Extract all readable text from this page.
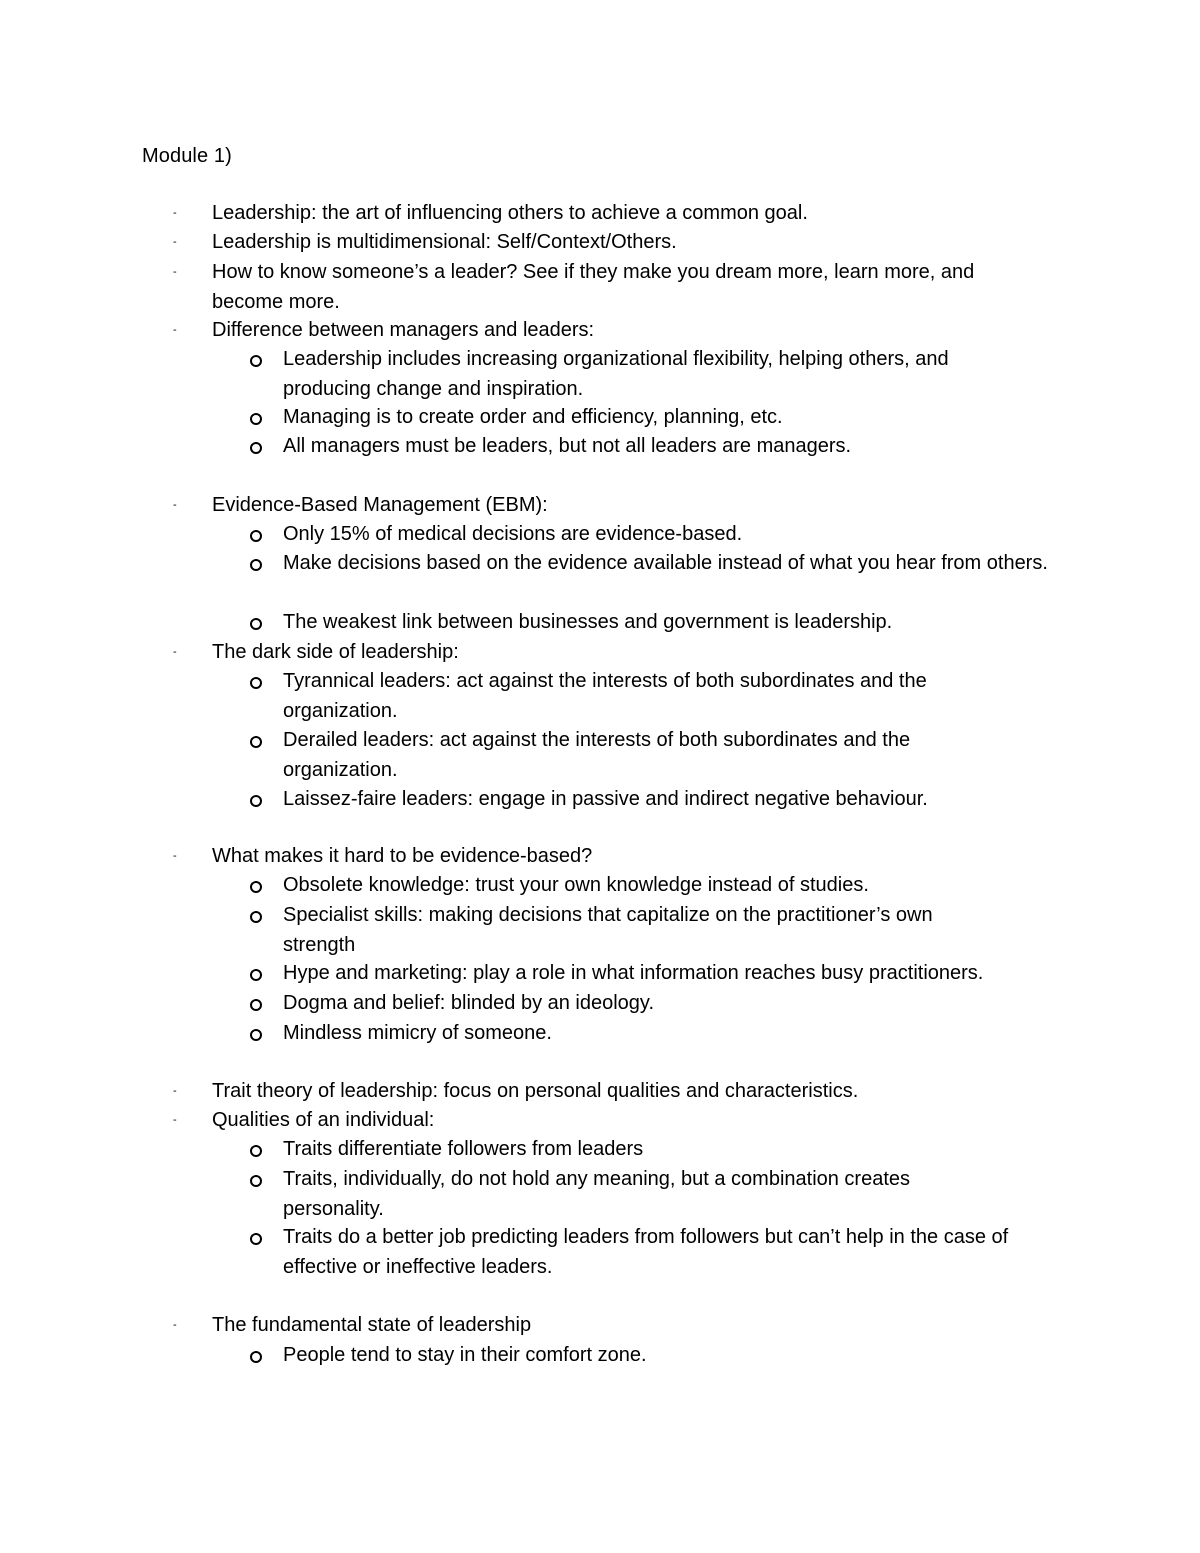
Module 1)
- Leadership: the art of influencing others to achieve a common goal.
- Leadership is multidimensional: Self/Context/Others.
- How to know someone’s a leader? See if they make you dream more, learn more, and become more.
- Difference between managers and leaders:
Leadership includes increasing organizational flexibility, helping others, and producing change and inspiration.
Managing is to create order and efficiency, planning, etc.
All managers must be leaders, but not all leaders are managers.
- Evidence-Based Management (EBM):
Only 15% of medical decisions are evidence-based.
Make decisions based on the evidence available instead of what you hear from others.
The weakest link between businesses and government is leadership.
- The dark side of leadership:
Tyrannical leaders: act against the interests of both subordinates and the organization.
Derailed leaders: act against the interests of both subordinates and the organization.
Laissez-faire leaders: engage in passive and indirect negative behaviour.
- What makes it hard to be evidence-based?
Obsolete knowledge: trust your own knowledge instead of studies.
Specialist skills: making decisions that capitalize on the practitioner’s own strength
Hype and marketing: play a role in what information reaches busy practitioners.
Dogma and belief: blinded by an ideology.
Mindless mimicry of someone.
- Trait theory of leadership: focus on personal qualities and characteristics.
- Qualities of an individual:
Traits differentiate followers from leaders
Traits, individually, do not hold any meaning, but a combination creates personality.
Traits do a better job predicting leaders from followers but can’t help in the case of effective or ineffective leaders.
- The fundamental state of leadership
People tend to stay in their comfort zone.
